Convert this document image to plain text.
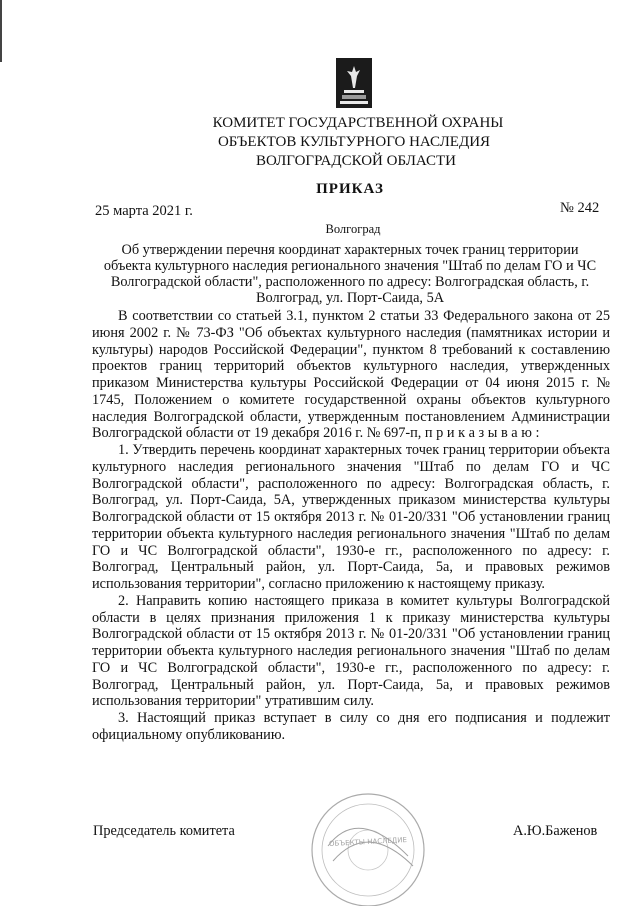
КОМИТЕТ ГОСУДАРСТВЕННОЙ ОХРАНЫ
ОБЪЕКТОВ КУЛЬТУРНОГО НАСЛЕДИЯ
ВОЛГОГРАДСКОЙ ОБЛАСТИ
ПРИКАЗ
25 марта 2021 г.	№ 242
Волгоград
Об утверждении перечня координат характерных точек границ территории объекта культурного наследия регионального значения "Штаб по делам ГО и ЧС Волгоградской области", расположенного по адресу: Волгоградская область, г. Волгоград, ул. Порт-Саида, 5А

В соответствии со статьей 3.1, пунктом 2 статьи 33 Федерального закона от 25 июня 2002 г. № 73-ФЗ "Об объектах культурного наследия (памятниках истории и культуры) народов Российской Федерации", пунктом 8 требований к составлению проектов границ территорий объектов культурного наследия, утвержденных приказом Министерства культуры Российской Федерации от 04 июня 2015 г. № 1745, Положением о комитете государственной охраны объектов культурного наследия Волгоградской области, утвержденным постановлением Администрации Волгоградской области от 19 декабря 2016 г. № 697-п, п р и к а з ы в а ю :

1. Утвердить перечень координат характерных точек границ территории объекта культурного наследия регионального значения "Штаб по делам ГО и ЧС Волгоградской области", расположенного по адресу: Волгоградская область, г. Волгоград, ул. Порт-Саида, 5А, утвержденных приказом министерства культуры Волгоградской области от 15 октября 2013 г. № 01-20/331 "Об установлении границ территории объекта культурного наследия регионального значения "Штаб по делам ГО и ЧС Волгоградской области", 1930-е гг., расположенного по адресу: г. Волгоград, Центральный район, ул. Порт-Саида, 5а, и правовых режимов использования территории", согласно приложению к настоящему приказу.

2. Направить копию настоящего приказа в комитет культуры Волгоградской области в целях признания приложения 1 к приказу министерства культуры Волгоградской области от 15 октября 2013 г. № 01-20/331 "Об установлении границ территории объекта культурного наследия регионального значения "Штаб по делам ГО и ЧС Волгоградской области", 1930-е гг., расположенного по адресу: г. Волгоград, Центральный район, ул. Порт-Саида, 5а, и правовых режимов использования территории" утратившим силу.

3. Настоящий приказ вступает в силу со дня его подписания и подлежит официальному опубликованию.

ОБЪЕКТЫ НАСЛЕДИЕ
Председатель комитета	А.Ю.Баженов
